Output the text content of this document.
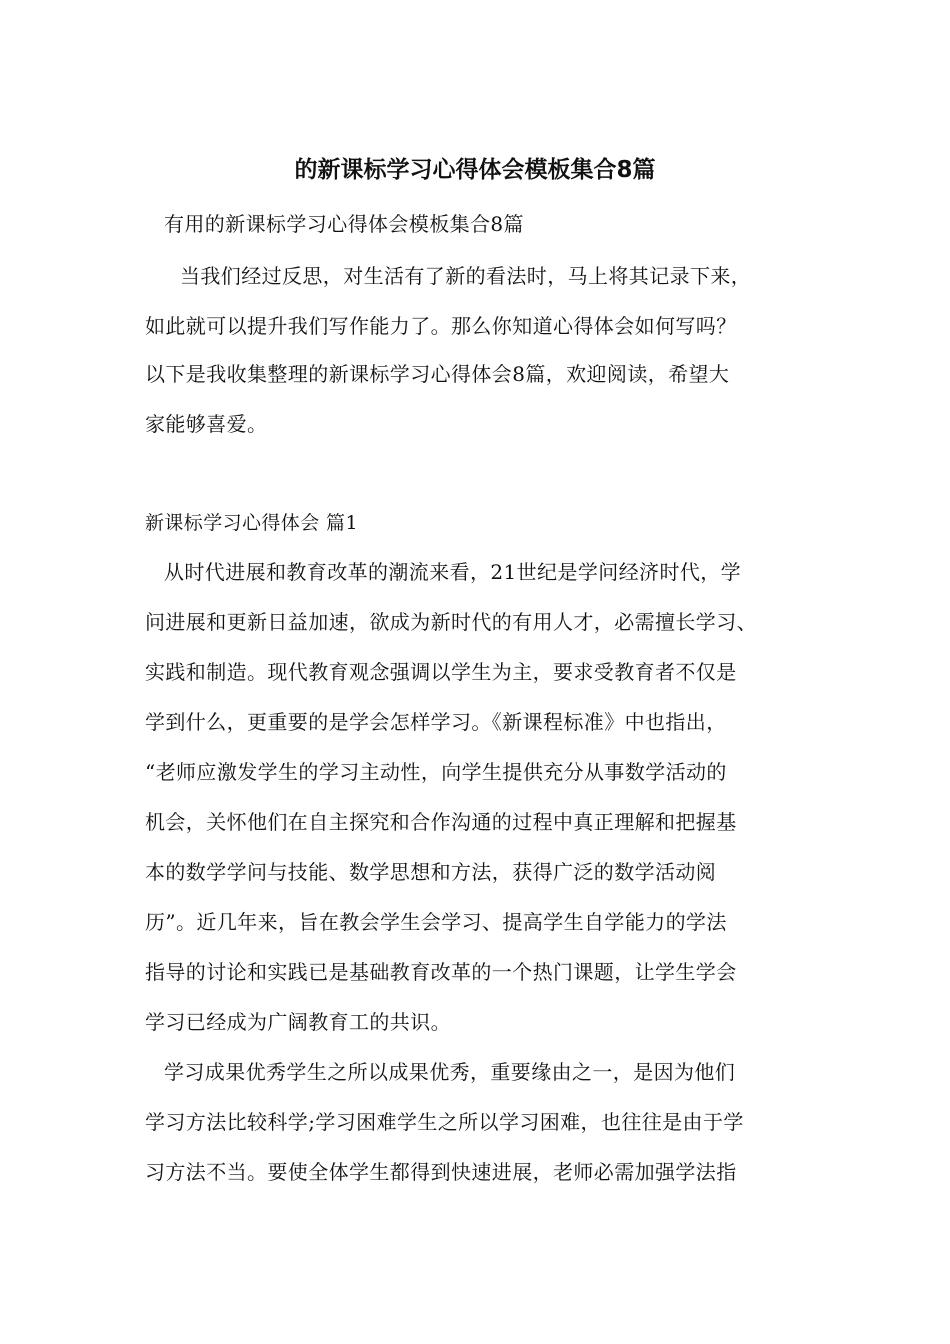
的新课标学习心得体会模板集合8篇
有用的新课标学习心得体会模板集合8篇
当我们经过反思，对生活有了新的看法时，马上将其记录下来，
如此就可以提升我们写作能力了。那么你知道心得体会如何写吗？
以下是我收集整理的新课标学习心得体会8篇，欢迎阅读，希望大
家能够喜爱。
新课标学习心得体会 篇1
从时代进展和教育改革的潮流来看，21世纪是学问经济时代，学
问进展和更新日益加速，欲成为新时代的有用人才，必需擅长学习、
实践和制造。现代教育观念强调以学生为主，要求受教育者不仅是
学到什么，更重要的是学会怎样学习。《新课程标准》中也指出，
“老师应激发学生的学习主动性，向学生提供充分从事数学活动的
机会，关怀他们在自主探究和合作沟通的过程中真正理解和把握基
本的数学学问与技能、数学思想和方法，获得广泛的数学活动阅
历”。近几年来，旨在教会学生会学习、提高学生自学能力的学法
指导的讨论和实践已是基础教育改革的一个热门课题，让学生学会
学习已经成为广阔教育工的共识。
学习成果优秀学生之所以成果优秀，重要缘由之一，是因为他们
学习方法比较科学;学习困难学生之所以学习困难，也往往是由于学
习方法不当。要使全体学生都得到快速进展，老师必需加强学法指
